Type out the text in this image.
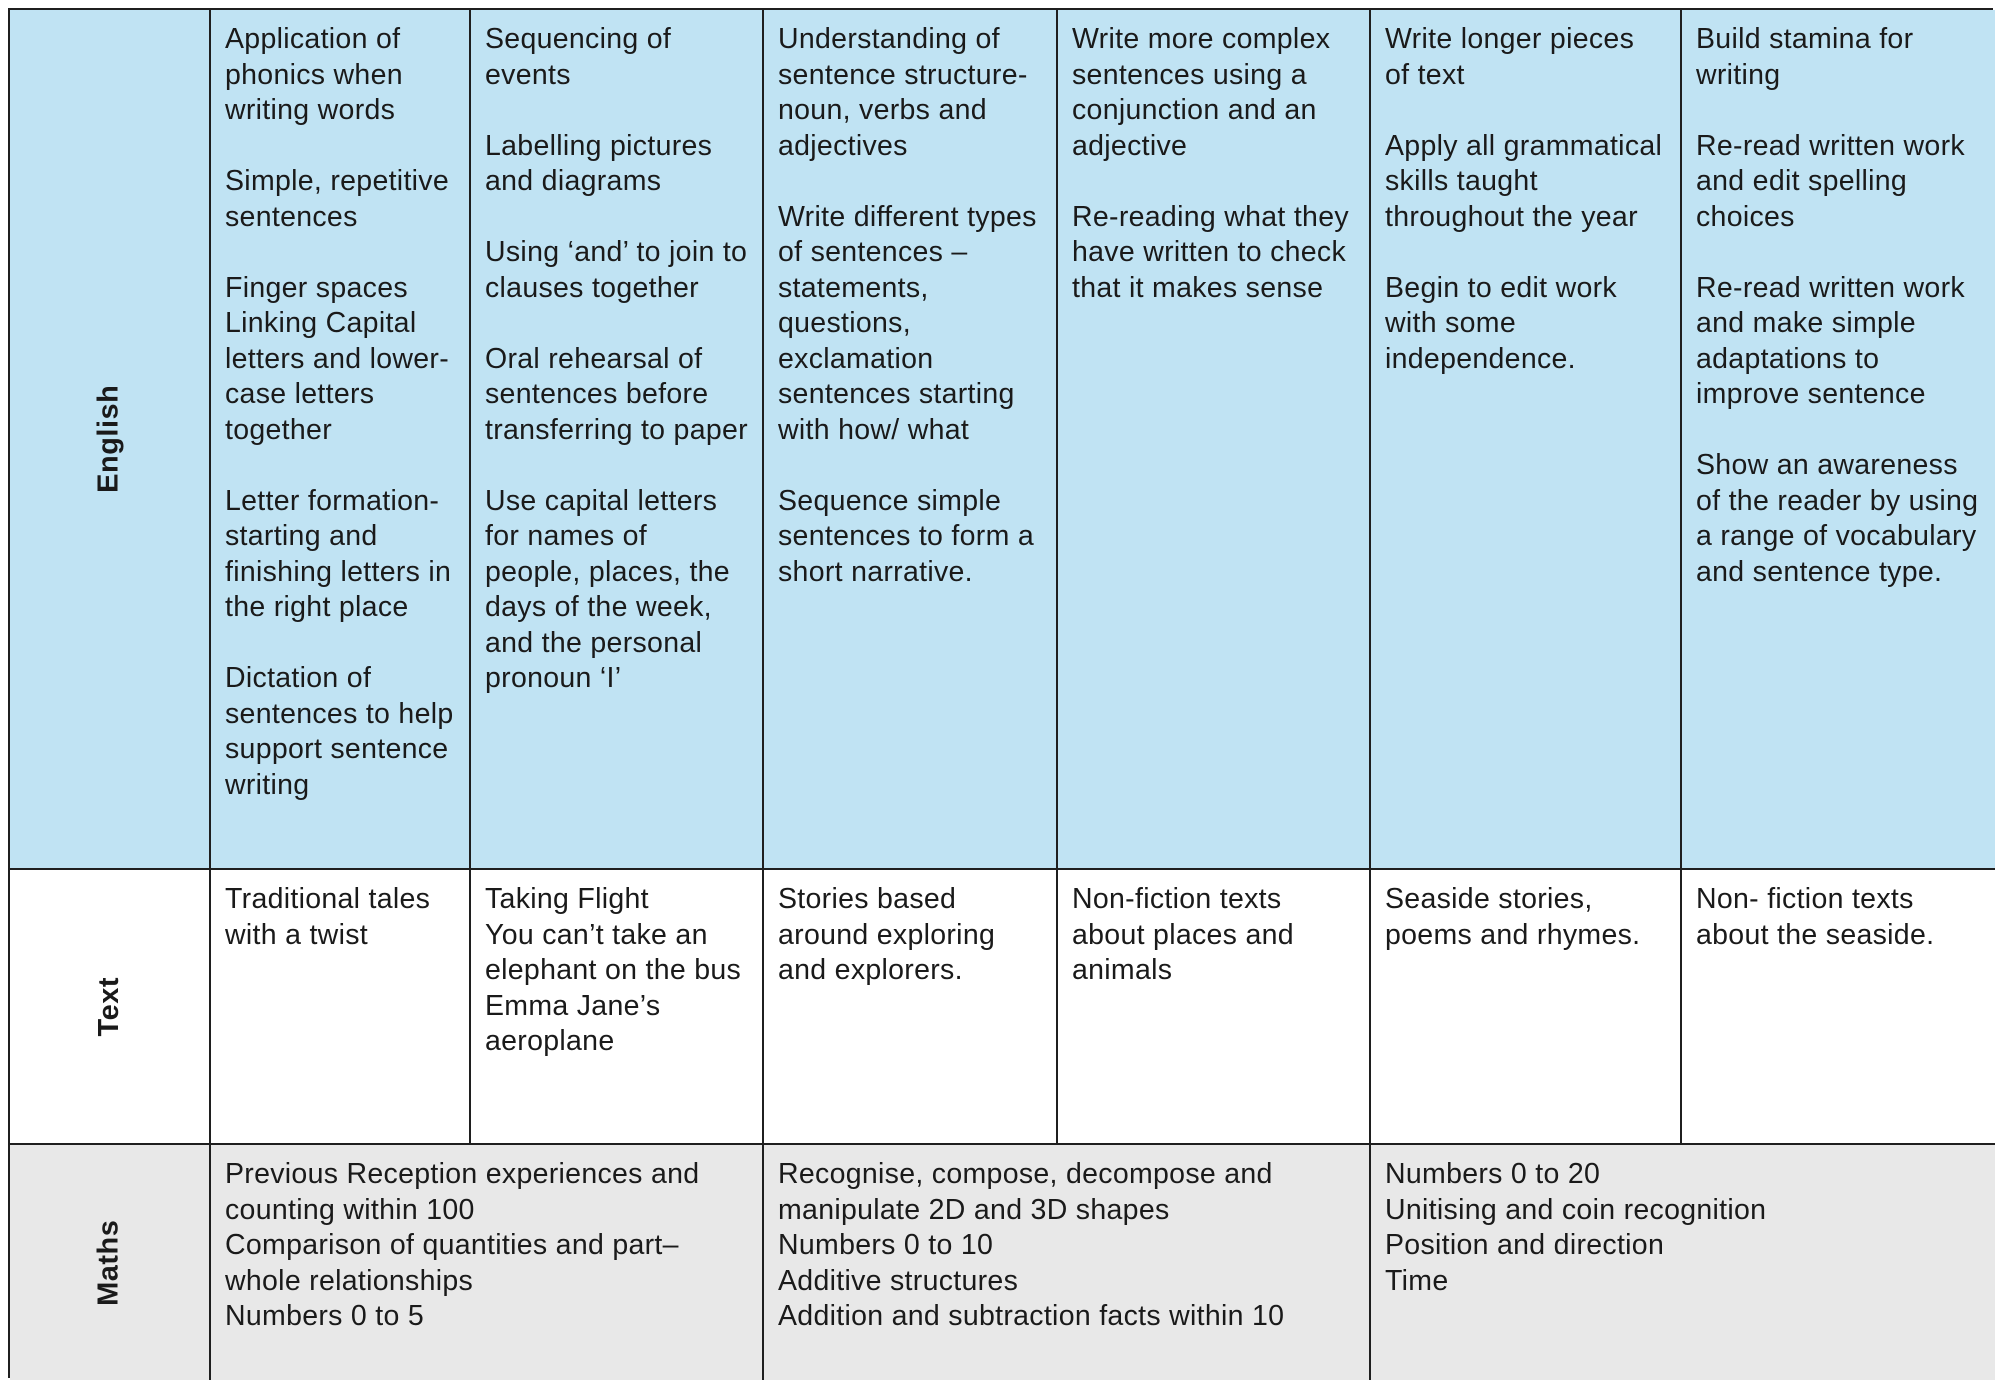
English

Application of phonics when writing words

Simple, repetitive sentences

Finger spaces Linking Capital letters and lower-case letters together

Letter formation- starting and finishing letters in the right place

Dictation of sentences to help support sentence writing

Sequencing of events

Labelling pictures and diagrams

Using ‘and’ to join to clauses together

Oral rehearsal of sentences before transferring to paper

Use capital letters for names of people, places, the days of the week, and the personal pronoun ‘I’

Understanding of sentence structure- noun, verbs and adjectives

Write different types of sentences – statements, questions, exclamation sentences starting with how/ what

Sequence simple sentences to form a short narrative.

Write more complex sentences using a conjunction and an adjective

Re-reading what they have written to check that it makes sense

Write longer pieces of text

Apply all grammatical skills taught throughout the year

Begin to edit work with some independence.

Build stamina for writing

Re-read written work and edit spelling choices

Re-read written work and make simple adaptations to improve sentence

Show an awareness of the reader by using a range of vocabulary and sentence type.

Text
Traditional tales with a twist
Taking Flight
You can’t take an elephant on the bus
Emma Jane’s aeroplane
Stories based around exploring and explorers.
Non-fiction texts about places and animals
Seaside stories, poems and rhymes.
Non- fiction texts about the seaside.
Maths
Previous Reception experiences and counting within 100
Comparison of quantities and part–whole relationships
Numbers 0 to 5
Recognise, compose, decompose and manipulate 2D and 3D shapes
Numbers 0 to 10
Additive structures
Addition and subtraction facts within 10
Numbers 0 to 20
Unitising and coin recognition
Position and direction
Time
